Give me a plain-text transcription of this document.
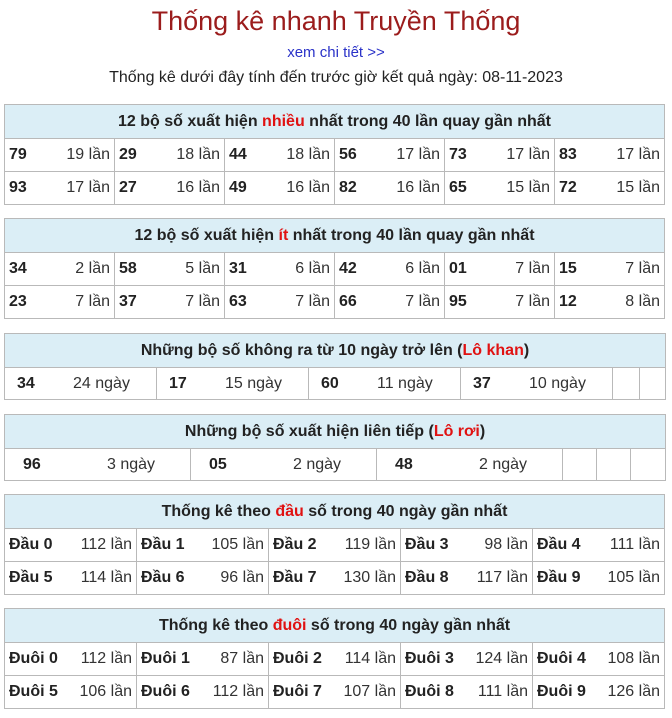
Thống kê nhanh Truyền Thống
xem chi tiết >>
Thống kê dưới đây tính đến trước giờ kết quả ngày: 08-11-2023
12 bộ số xuất hiện nhiều nhất trong 40 lần quay gần nhất					

79 19 lần	29 18 lần	44 18 lần	56 17 lần	73 17 lần	83 17 lần

93 17 lần	27 16 lần	49 16 lần	82 16 lần	65 15 lần	72 15 lần
12 bộ số xuất hiện ít nhất trong 40 lần quay gần nhất					

34 2 lần	58 5 lần	31 6 lần	42 6 lần	01 7 lần	15 7 lần

23 7 lần	37 7 lần	63 7 lần	66 7 lần	95 7 lần	12 8 lần
Những bộ số không ra từ 10 ngày trở lên (Lô khan)
34 24 ngày	17 15 ngày	60 11 ngày	37 10 ngày		
Những bộ số xuất hiện liên tiếp (Lô rơi)
96	3 ngày	05	2 ngày	48	2 ngày			
Thống kê theo đầu số trong 40 ngày gần nhất				

Đầu 0 112 lần	Đầu 1 105 lần	Đầu 2 119 lần	Đầu 3 98 lần	Đầu 4 111 lần

Đầu 5 114 lần	Đầu 6 96 lần	Đầu 7 130 lần	Đầu 8 117 lần	Đầu 9 105 lần
Thống kê theo đuôi số trong 40 ngày gần nhất				

Đuôi 0 112 lần	Đuôi 1 87 lần	Đuôi 2 114 lần	Đuôi 3 124 lần	Đuôi 4 108 lần

Đuôi 5 106 lần	Đuôi 6 112 lần	Đuôi 7 107 lần	Đuôi 8 111 lần	Đuôi 9 126 lần
